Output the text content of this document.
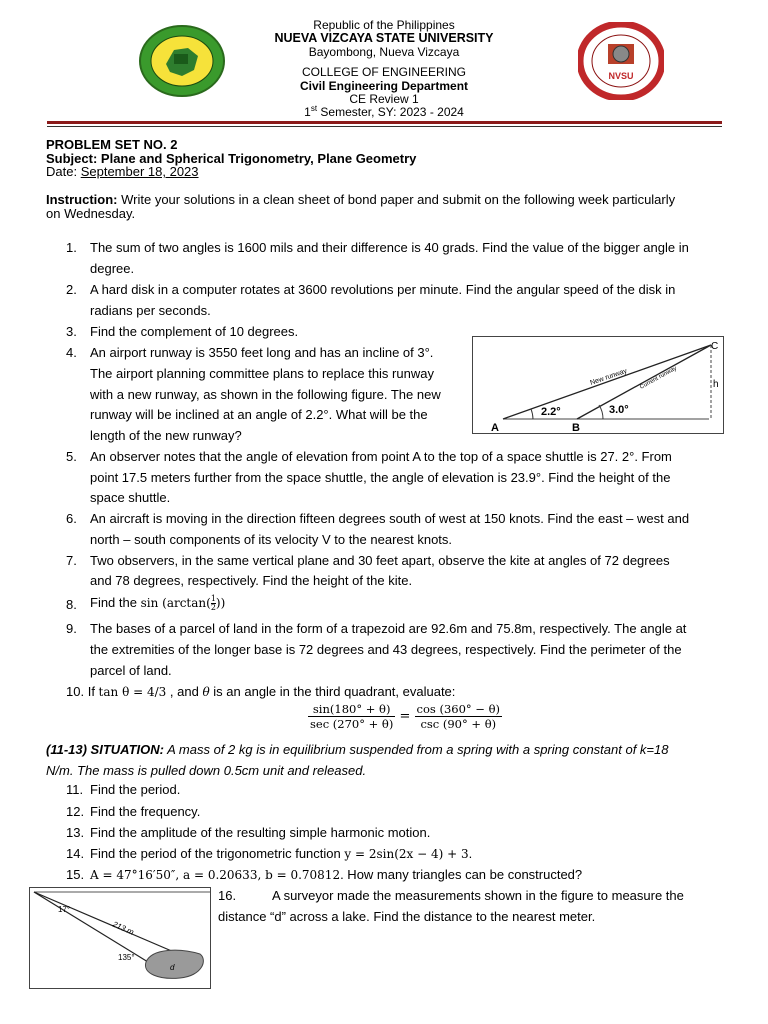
Republic of the Philippines
NUEVA VIZCAYA STATE UNIVERSITY
Bayombong, Nueva Vizcaya
COLLEGE OF ENGINEERING
Civil Engineering Department
CE Review 1
1st Semester, SY: 2023 - 2024
NVSU
PROBLEM SET NO. 2
Subject: Plane and Spherical Trigonometry, Plane Geometry
Date: September 18, 2023
Instruction: Write your solutions in a clean sheet of bond paper and submit on the following week particularly
on Wednesday.
1. The sum of two angles is 1600 mils and their difference is 40 grads. Find the value of the bigger angle in
degree.
2. A hard disk in a computer rotates at 3600 revolutions per minute. Find the angular speed of the disk in
radians per seconds.
3. Find the complement of 10 degrees.
4. An airport runway is 3550 feet long and has an incline of 3°.
The airport planning committee plans to replace this runway
with a new runway, as shown in the following figure. The new
runway will be inclined at an angle of 2.2°. What will be the
length of the new runway?
New runway Current runway
2.2°	3.0°
A	B
C
h
5. An observer notes that the angle of elevation from point A to the top of a space shuttle is 27. 2°. From
point 17.5 meters further from the space shuttle, the angle of elevation is 23.9°. Find the height of the
space shuttle.
6. An aircraft is moving in the direction fifteen degrees south of west at 150 knots. Find the east – west and
north – south components of its velocity V to the nearest knots.
7. Two observers, in the same vertical plane and 30 feet apart, observe the kite at angles of 72 degrees
and 78 degrees, respectively. Find the height of the kite.
8. Find the $\sin (\arctan( \frac{1}{2}$ ))
9. The bases of a parcel of land in the form of a trapezoid are 92.6m and 75.8m, respectively. The angle at
the extremities of the longer base is 72 degrees and 43 degrees, respectively. Find the perimeter of the
parcel of land.
10. If tan θ = 4/3 , and θ is an angle in the third quadrant, evaluate:
$\frac{\sin(180^\circ + \theta)}{\sec (270^\circ + \theta)} = \frac{\cos (360^\circ - \theta)}{\csc (90^\circ + \theta)}$
(11-13) SITUATION: A mass of 2 kg is in equilibrium suspended from a spring with a spring constant of k=18
N/m. The mass is pulled down 0.5cm unit and released.
11. Find the period.
12. Find the frequency.
13. Find the amplitude of the resulting simple harmonic motion.
14. Find the period of the trigonometric function y = 2sin(2x − 4) + 3.
15. A = 47°16′50″, a = 0.20633, b = 0.70812. How many triangles can be constructed?
17°
213 m
135°
d
16.	A surveyor made the measurements shown in the figure to measure the
distance “d” across a lake. Find the distance to the nearest meter.
